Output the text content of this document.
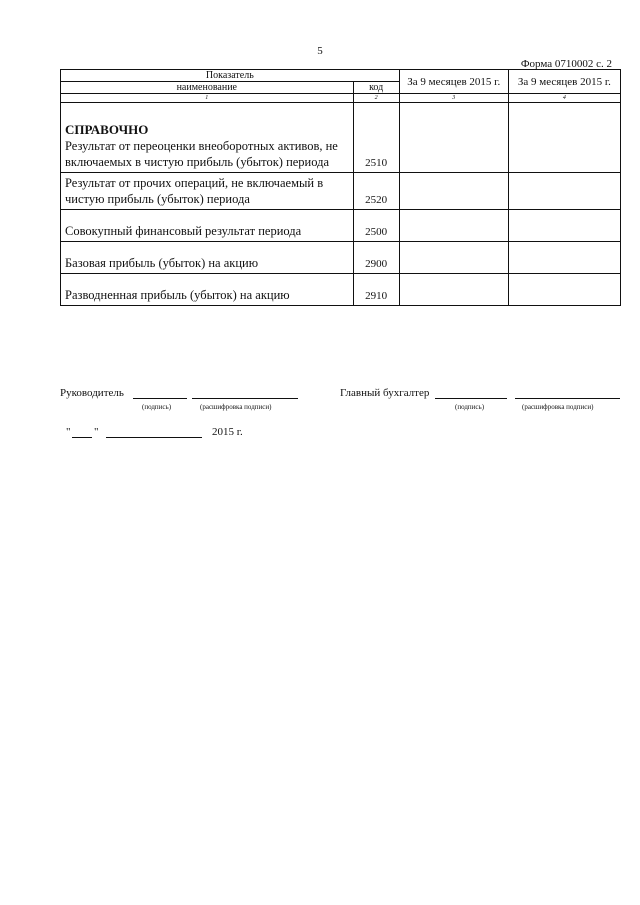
5
Форма 0710002 с. 2
Показатель		За 9 месяцев 2015 г.	За 9 месяцев 2015 г.
наименование	код		
1	2	3	4

СПРАВОЧНО
Результат от переоценки внеоборотных активов, не включаемых в чистую прибыль (убыток) периода	2510		
Результат от прочих операций, не включаемый в чистую прибыль (убыток) периода	2520		
Совокупный финансовый результат периода	2500		
Базовая прибыль (убыток) на акцию	2900		
Разводненная прибыль (убыток) на акцию	2910		
Руководитель
(подпись)	(расшифровка подписи)
Главный бухгалтер
(подпись)	(расшифровка подписи)
" "	2015 г.
